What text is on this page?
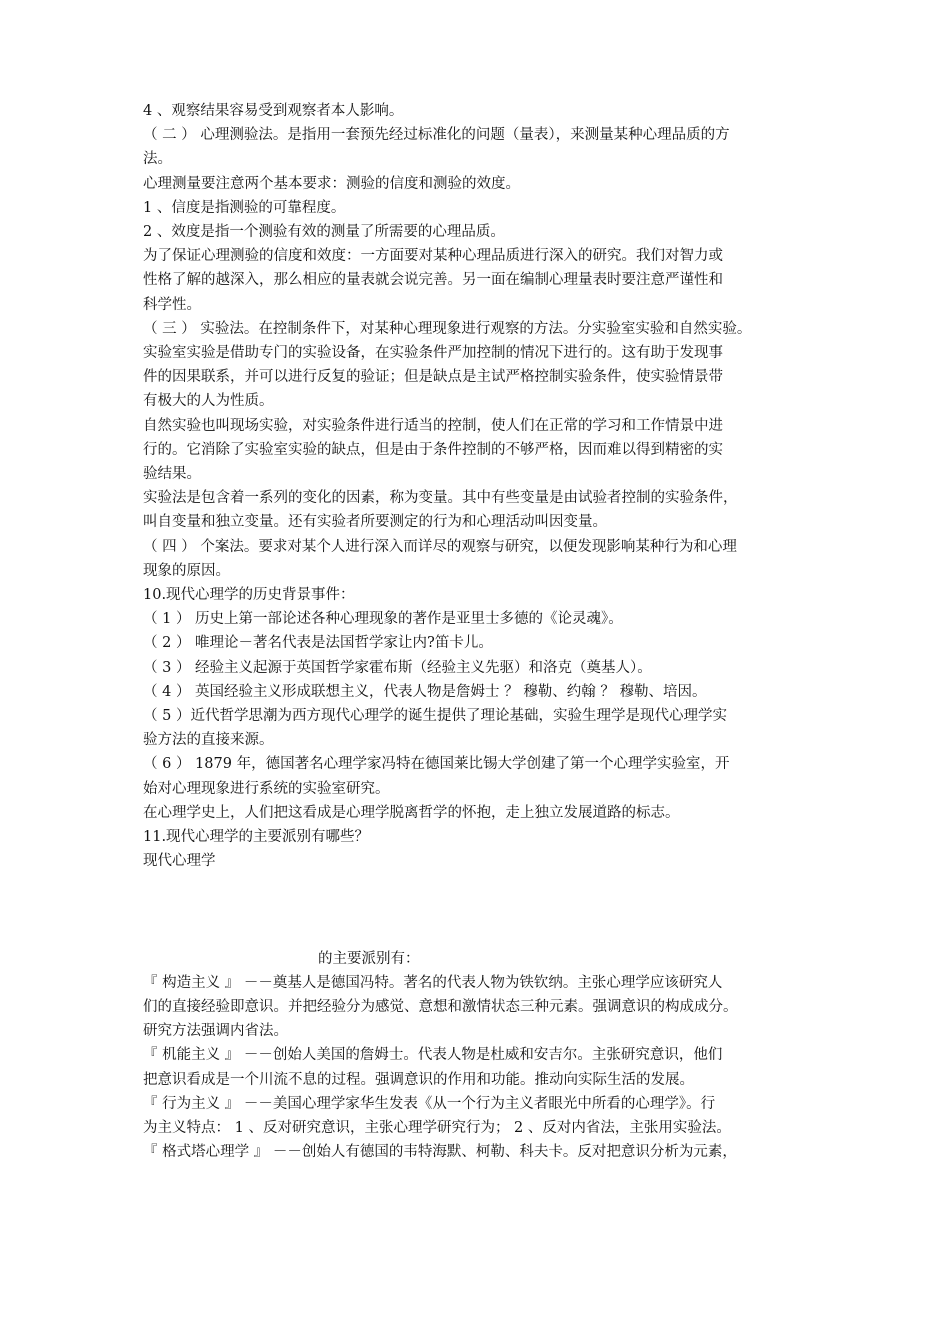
4 、观察结果容易受到观察者本人影响。
（ 二 ） 心理测验法。是指用一套预先经过标准化的问题（量表），来测量某种心理品质的方
法。
心理测量要注意两个基本要求：测验的信度和测验的效度。
1 、信度是指测验的可靠程度。
2 、效度是指一个测验有效的测量了所需要的心理品质。
为了保证心理测验的信度和效度：一方面要对某种心理品质进行深入的研究。我们对智力或
性格了解的越深入，那么相应的量表就会说完善。另一面在编制心理量表时要注意严谨性和
科学性。
（ 三 ） 实验法。在控制条件下，对某种心理现象进行观察的方法。分实验室实验和自然实验。
实验室实验是借助专门的实验设备，在实验条件严加控制的情况下进行的。这有助于发现事
件的因果联系，并可以进行反复的验证；但是缺点是主试严格控制实验条件，使实验情景带
有极大的人为性质。
自然实验也叫现场实验，对实验条件进行适当的控制，使人们在正常的学习和工作情景中进
行的。它消除了实验室实验的缺点，但是由于条件控制的不够严格，因而难以得到精密的实
验结果。
实验法是包含着一系列的变化的因素，称为变量。其中有些变量是由试验者控制的实验条件，
叫自变量和独立变量。还有实验者所要测定的行为和心理活动叫因变量。
（ 四 ） 个案法。要求对某个人进行深入而详尽的观察与研究，以便发现影响某种行为和心理
现象的原因。
10.现代心理学的历史背景事件：
（ 1 ） 历史上第一部论述各种心理现象的著作是亚里士多德的《论灵魂》。
（ 2 ） 唯理论－著名代表是法国哲学家让内?笛卡儿。
（ 3 ） 经验主义起源于英国哲学家霍布斯（经验主义先驱）和洛克（奠基人）。
（ 4 ） 英国经验主义形成联想主义，代表人物是詹姆士 ？ 穆勒、约翰 ？ 穆勒、培因。
（ 5 ）近代哲学思潮为西方现代心理学的诞生提供了理论基础，实验生理学是现代心理学实
验方法的直接来源。
（ 6 ） 1879 年，德国著名心理学家冯特在德国莱比锡大学创建了第一个心理学实验室，开
始对心理现象进行系统的实验室研究。
在心理学史上，人们把这看成是心理学脱离哲学的怀抱，走上独立发展道路的标志。
11.现代心理学的主要派别有哪些？
现代心理学
的主要派别有：
『 构造主义 』 －－奠基人是德国冯特。著名的代表人物为铁钦纳。主张心理学应该研究人
们的直接经验即意识。并把经验分为感觉、意想和激情状态三种元素。强调意识的构成成分。
研究方法强调内省法。
『 机能主义 』 －－创始人美国的詹姆士。代表人物是杜威和安吉尔。主张研究意识，他们
把意识看成是一个川流不息的过程。强调意识的作用和功能。推动向实际生活的发展。
『 行为主义 』 －－美国心理学家华生发表《从一个行为主义者眼光中所看的心理学》。行
为主义特点： 1 、反对研究意识，主张心理学研究行为； 2 、反对内省法，主张用实验法。
『 格式塔心理学 』 －－创始人有德国的韦特海默、柯勒、科夫卡。反对把意识分析为元素，
